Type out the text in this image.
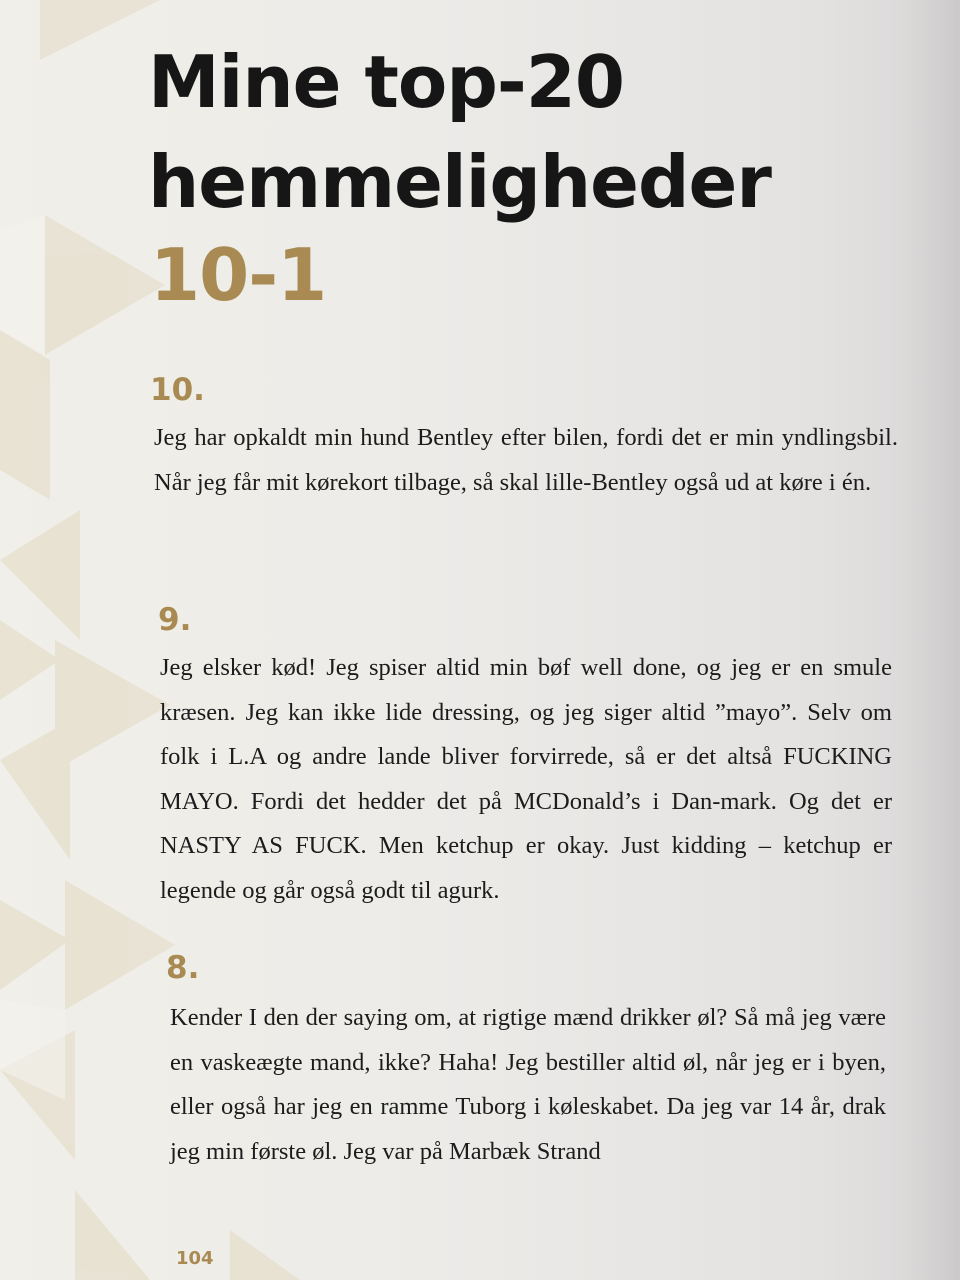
Mine top-20
hemmeligheder
10-1
10.

Jeg har opkaldt min hund Bentley efter bilen, fordi det er min yndlingsbil. Når jeg får mit kørekort tilbage, så skal lille-Bentley også ud at køre i én.

9.

Jeg elsker kød! Jeg spiser altid min bøf well done, og jeg er en smule kræsen. Jeg kan ikke lide dressing, og jeg siger altid ”mayo”. Selv om folk i L.A og andre lande bliver forvirrede, så er det altså FUCKING MAYO. Fordi det hedder det på MCDonald’s i Dan-mark. Og det er NASTY AS FUCK. Men ketchup er okay. Just kidding – ketchup er legende og går også godt til agurk.

8.

Kender I den der saying om, at rigtige mænd drikker øl? Så må jeg være en vaskeægte mand, ikke? Haha! Jeg bestiller altid øl, når jeg er i byen, eller også har jeg en ramme Tuborg i køleskabet. Da jeg var 14 år, drak jeg min første øl. Jeg var på Marbæk Strand

104
